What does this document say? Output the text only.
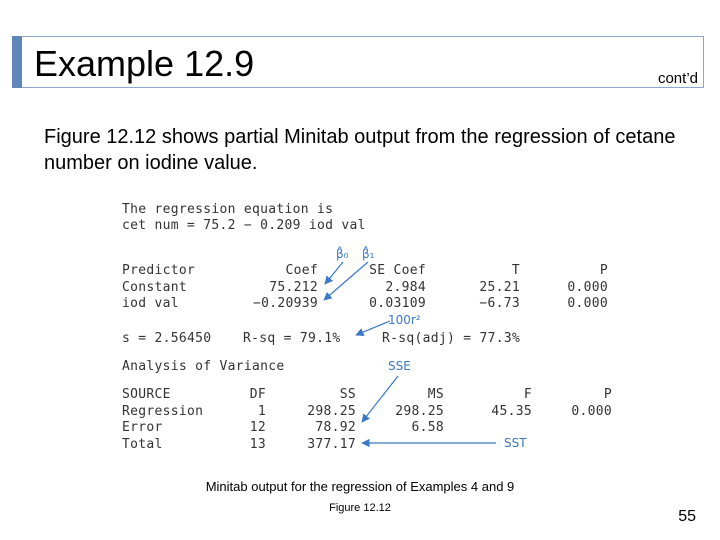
Example 12.9	cont’d
Figure 12.12 shows partial Minitab output from the regression of cetane number on iodine value.
The regression equation is
cet num = 75.2 − 0.209 iod val
β̂₀ β̂₁
Predictor	Coef	SE Coef	T	P
Constant	75.212	2.984	25.21	0.000
iod val	−0.20939	0.03109	−6.73	0.000
100r²
s = 2.56450 R-sq = 79.1%	R-sq(adj) = 77.3%
Analysis of Variance	SSE
SOURCE	DF	SS	MS	F	P
Regression	1	298.25	298.25	45.35	0.000
Error	12	78.92	6.58
Total	13	377.17	SST
Minitab output for the regression of Examples 4 and 9
Figure 12.12	55
